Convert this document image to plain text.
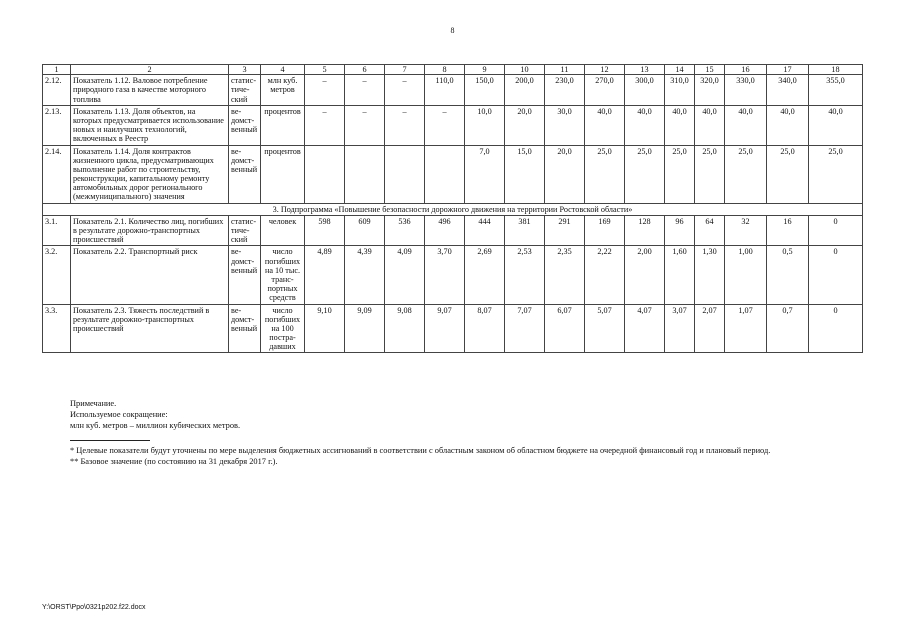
8
1	2	3	4	5	6	7	8	9	10	11	12	13	14	15	16	17	18
2.12.	Показатель 1.12. Валовое потребление природного газа в качестве моторного топлива	статис-тиче-ский	млн куб. метров	–	–	–	110,0	150,0	200,0	230,0	270,0	300,0	310,0	320,0	330,0	340,0	355,0
2.13.	Показатель 1.13. Доля объектов, на которых предусматривается использование новых и наилучших технологий, включенных в Реестр	ве-домст-венный	процентов	–	–	–	–	10,0	20,0	30,0	40,0	40,0	40,0	40,0	40,0	40,0	40,0
2.14.	Показатель 1.14. Доля контрактов жизненного цикла, предусматривающих выполнение работ по строительству, реконструкции, капитальному ремонту автомобильных дорог регионального (межмуниципального) значения	ве-домст-венный	процентов					7,0	15,0	20,0	25,0	25,0	25,0	25,0	25,0	25,0	25,0
3. Подпрограмма «Повышение безопасности дорожного движения на территории Ростовской области»																	
3.1.	Показатель 2.1. Количество лиц, погибших в результате дорожно-транспортных происшествий	статис-тиче-ский	человек	598	609	536	496	444	381	291	169	128	96	64	32	16	0
3.2.	Показатель 2.2. Транспортный риск	ве-домст-венный	число погибших на 10 тыс. транс-портных средств	4,89	4,39	4,09	3,70	2,69	2,53	2,35	2,22	2,00	1,60	1,30	1,00	0,5	0
3.3.	Показатель 2.3. Тяжесть последствий в результате дорожно-транспортных происшествий	ве-домст-венный	число погибших на 100 постра-давших	9,10	9,09	9,08	9,07	8,07	7,07	6,07	5,07	4,07	3,07	2,07	1,07	0,7	0
Примечание.
Используемое сокращение:
млн куб. метров – миллион кубических метров.

* Целевые показатели будут уточнены по мере выделения бюджетных ассигнований в соответствии с областным законом об областном бюджете на очередной финансовый год и плановый период.

** Базовое значение (по состоянию на 31 декабря 2017 г.).

Y:\ORST\Ppo\0321p202.f22.docx
